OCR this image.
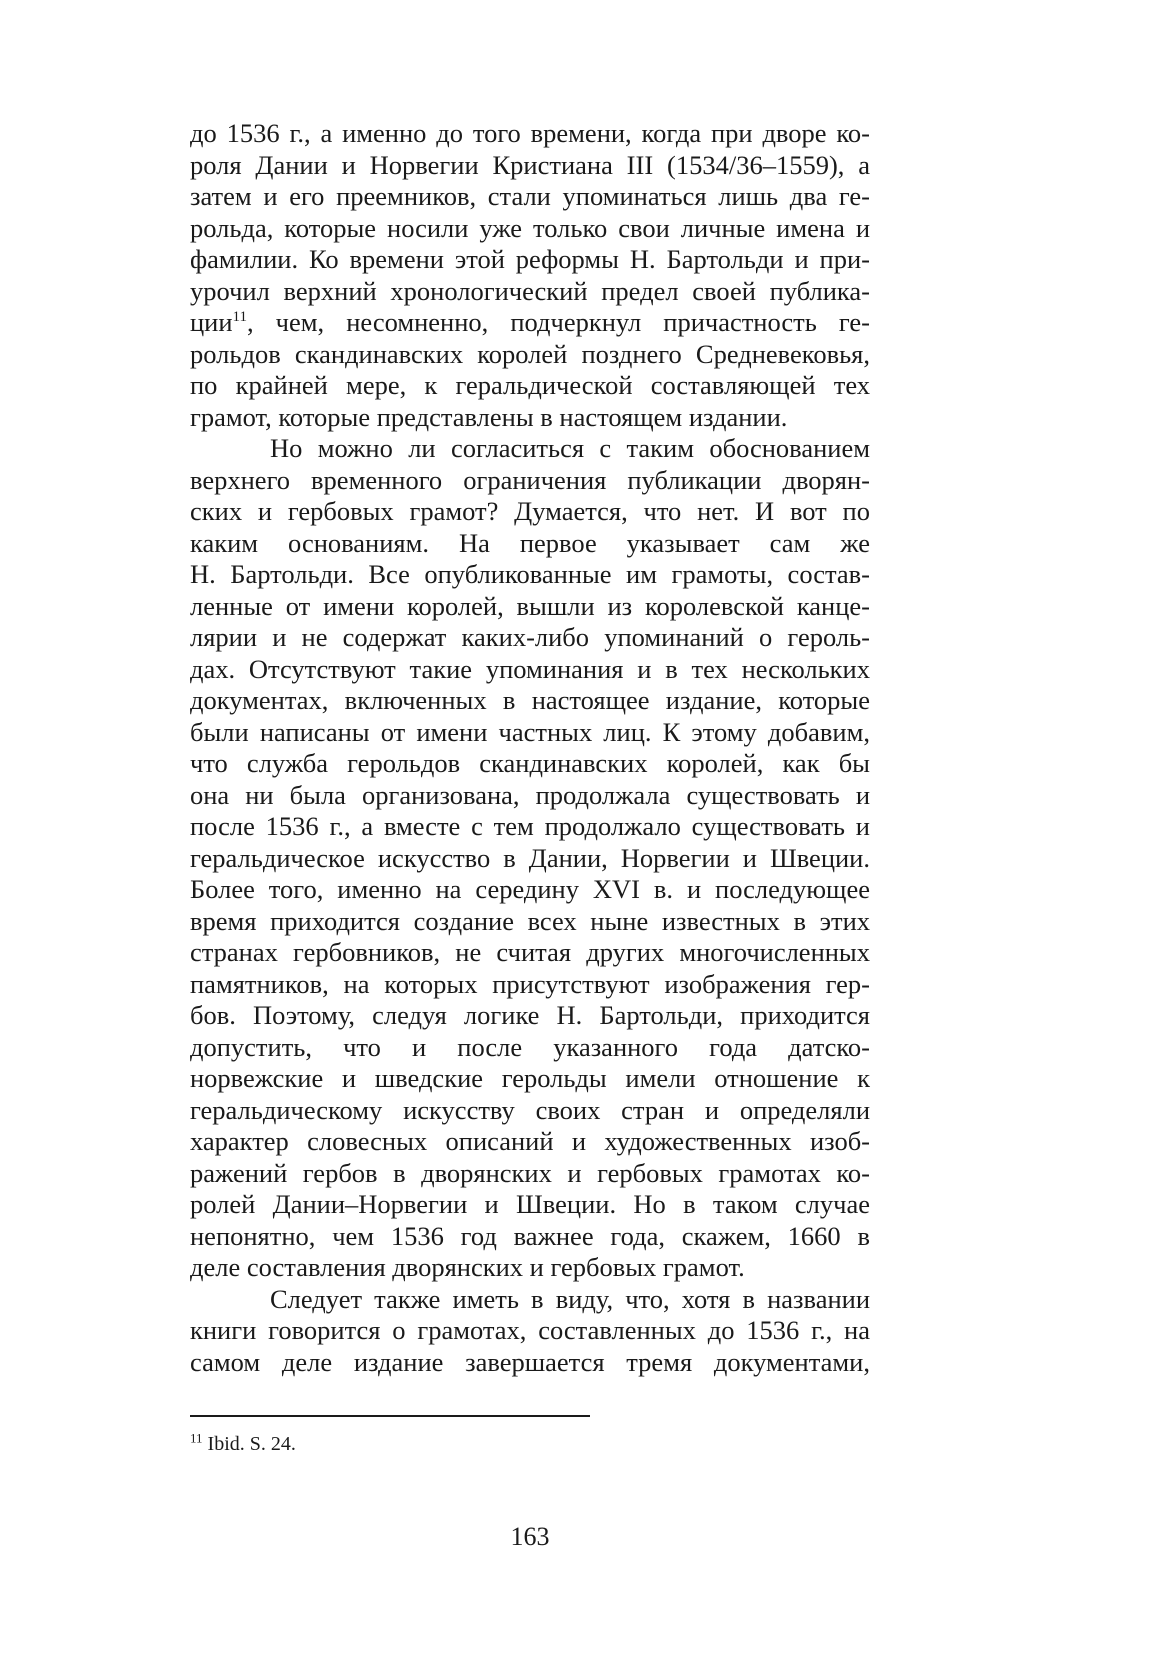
до 1536 г., а именно до того времени, когда при дворе ко-
роля Дании и Норвегии Кристиана III (1534/36–1559), а
затем и его преемников, стали упоминаться лишь два ге-
рольда, которые носили уже только свои личные имена и
фамилии. Ко времени этой реформы Н. Бартольди и при-
урочил верхний хронологический предел своей публика-
ции$^{11}$, чем, несомненно, подчеркнул причастность ге-
рольдов скандинавских королей позднего Средневековья,
по крайней мере, к геральдической составляющей тех
грамот, которые представлены в настоящем издании.
Но можно ли согласиться с таким обоснованием
верхнего временного ограничения публикации дворян-
ских и гербовых грамот? Думается, что нет. И вот по
каким основаниям. На первое указывает сам же
Н. Бартольди. Все опубликованные им грамоты, состав-
ленные от имени королей, вышли из королевской канце-
лярии и не содержат каких-либо упоминаний о героль-
дах. Отсутствуют такие упоминания и в тех нескольких
документах, включенных в настоящее издание, которые
были написаны от имени частных лиц. К этому добавим,
что служба герольдов скандинавских королей, как бы
она ни была организована, продолжала существовать и
после 1536 г., а вместе с тем продолжало существовать и
геральдическое искусство в Дании, Норвегии и Швеции.
Более того, именно на середину XVI в. и последующее
время приходится создание всех ныне известных в этих
странах гербовников, не считая других многочисленных
памятников, на которых присутствуют изображения гер-
бов. Поэтому, следуя логике Н. Бартольди, приходится
допустить, что и после указанного года датско-
норвежские и шведские герольды имели отношение к
геральдическому искусству своих стран и определяли
характер словесных описаний и художественных изоб-
ражений гербов в дворянских и гербовых грамотах ко-
ролей Дании–Норвегии и Швеции. Но в таком случае
непонятно, чем 1536 год важнее года, скажем, 1660 в
деле составления дворянских и гербовых грамот.
Следует также иметь в виду, что, хотя в названии
книги говорится о грамотах, составленных до 1536 г., на
самом деле издание завершается тремя документами,
$^{11}$ Ibid. S. 24.
163
